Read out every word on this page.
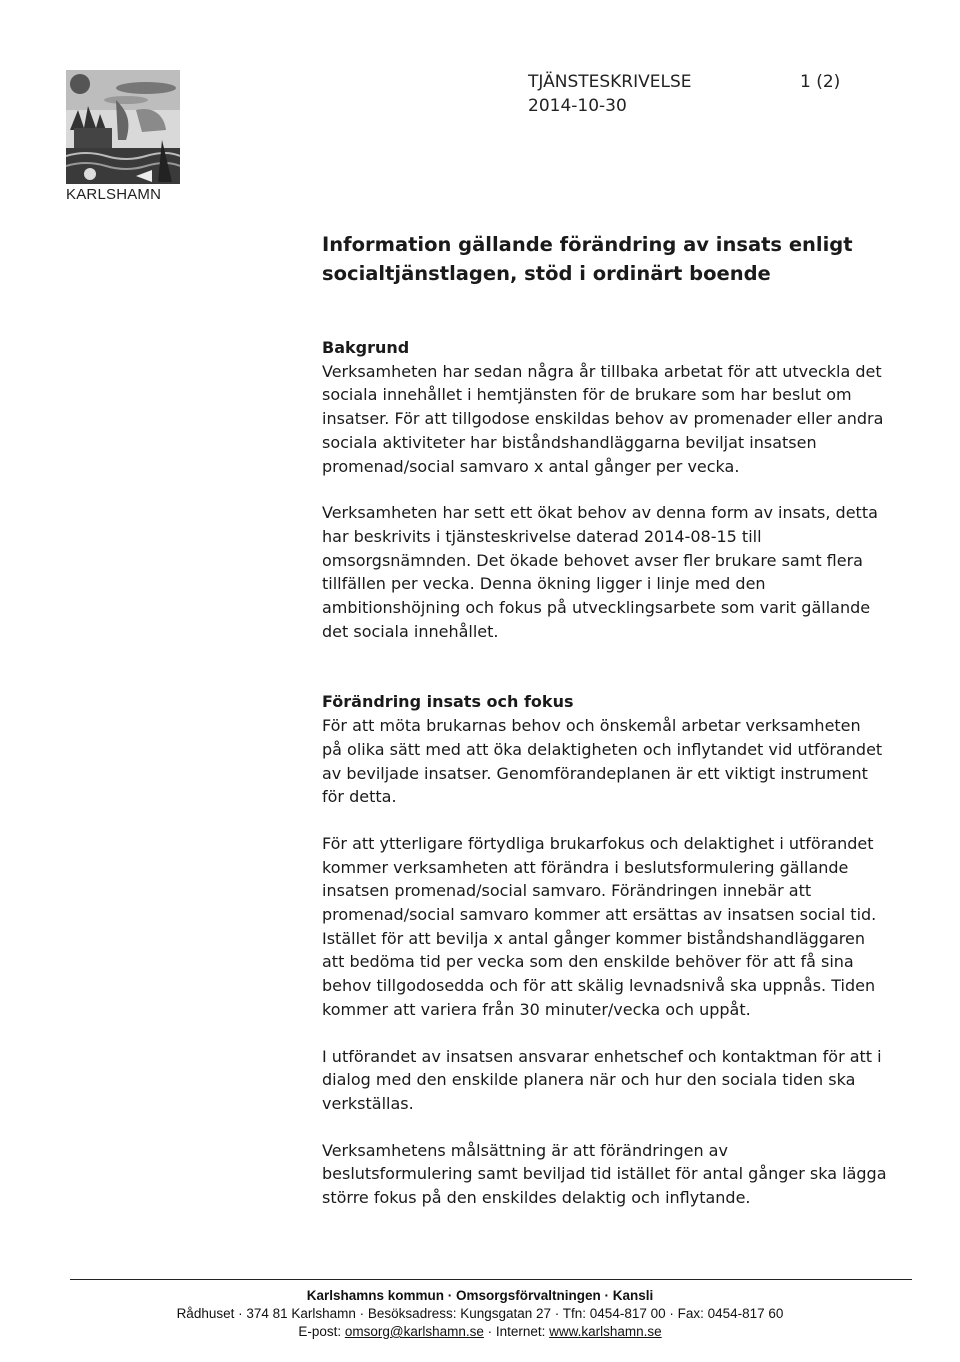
KARLSHAMN
TJÄNSTESKRIVELSE	1 (2)
2014-10-30
Information gällande förändring av insats enligt
socialtjänstlagen, stöd i ordinärt boende
Bakgrund

Verksamheten har sedan några år tillbaka arbetat för att utveckla det
sociala innehållet i hemtjänsten för de brukare som har beslut om
insatser. För att tillgodose enskildas behov av promenader eller andra
sociala aktiviteter har biståndshandläggarna beviljat insatsen
promenad/social samvaro x antal gånger per vecka.

Verksamheten har sett ett ökat behov av denna form av insats, detta
har beskrivits i tjänsteskrivelse daterad 2014-08-15 till
omsorgsnämnden. Det ökade behovet avser fler brukare samt flera
tillfällen per vecka. Denna ökning ligger i linje med den
ambitionshöjning och fokus på utvecklingsarbete som varit gällande
det sociala innehållet.

Förändring insats och fokus

För att möta brukarnas behov och önskemål arbetar verksamheten
på olika sätt med att öka delaktigheten och inflytandet vid utförandet
av beviljade insatser. Genomförandeplanen är ett viktigt instrument
för detta.

För att ytterligare förtydliga brukarfokus och delaktighet i utförandet
kommer verksamheten att förändra i beslutsformulering gällande
insatsen promenad/social samvaro. Förändringen innebär att
promenad/social samvaro kommer att ersättas av insatsen social tid.
Istället för att bevilja x antal gånger kommer biståndshandläggaren
att bedöma tid per vecka som den enskilde behöver för att få sina
behov tillgodosedda och för att skälig levnadsnivå ska uppnås. Tiden
kommer att variera från 30 minuter/vecka och uppåt.

I utförandet av insatsen ansvarar enhetschef och kontaktman för att i
dialog med den enskilde planera när och hur den sociala tiden ska
verkställas.

Verksamhetens målsättning är att förändringen av
beslutsformulering samt beviljad tid istället för antal gånger ska lägga
större fokus på den enskildes delaktig och inflytande.

Karlshamns kommun · Omsorgsförvaltningen · Kansli
Rådhuset · 374 81 Karlshamn · Besöksadress: Kungsgatan 27 · Tfn: 0454-817 00 · Fax: 0454-817 60
E-post: omsorg@karlshamn.se · Internet: www.karlshamn.se
